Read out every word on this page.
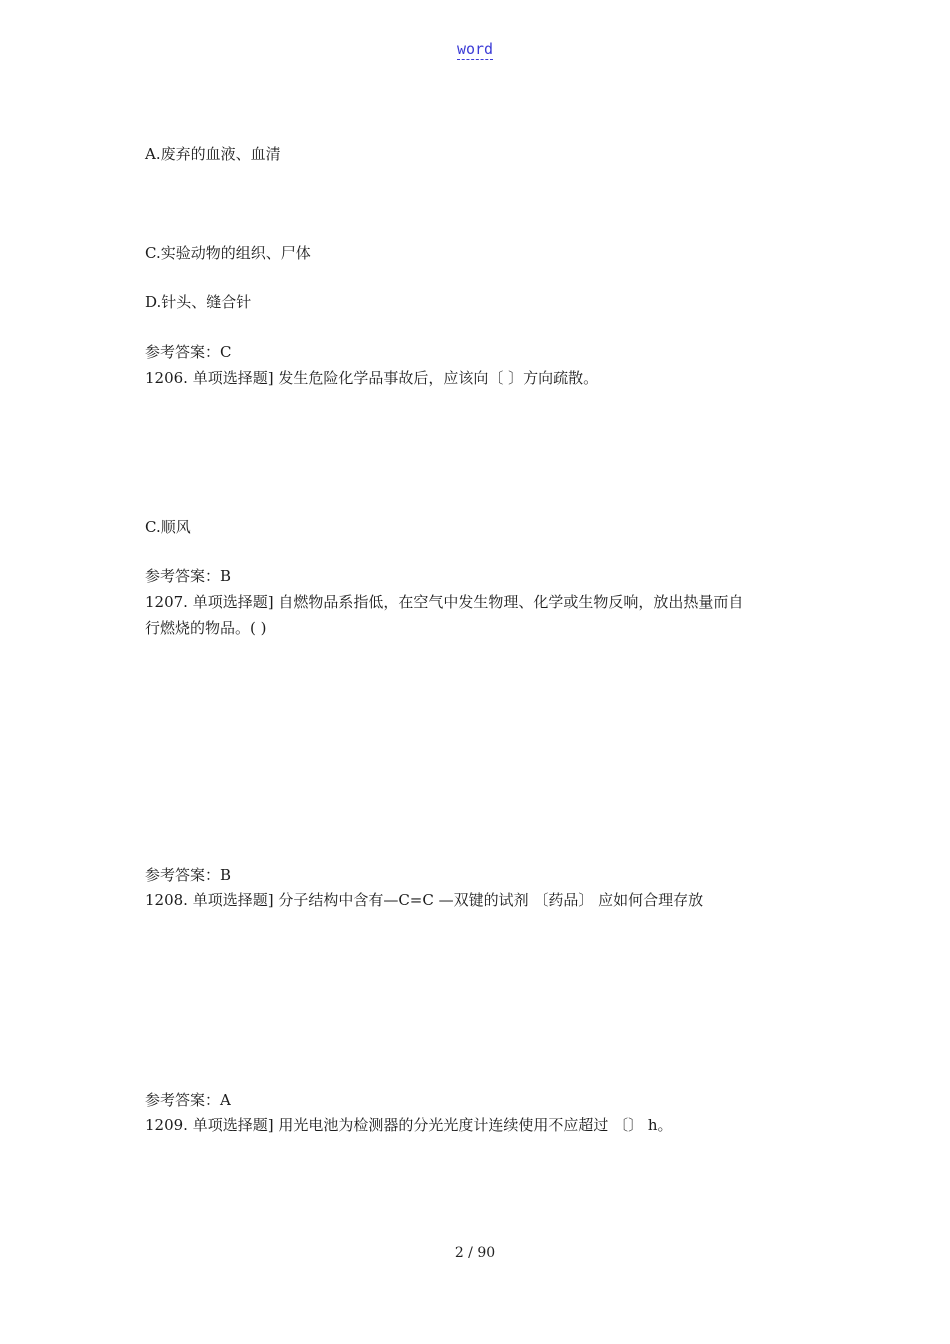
word
A.废弃的血液、血清
C.实验动物的组织、尸体
D.针头、缝合针
参考答案：C
1206. 单项选择题] 发生危险化学品事故后，应该向〔 〕方向疏散。
C.顺风
参考答案：B
1207. 单项选择题] 自燃物品系指低，在空气中发生物理、化学或生物反响，放出热量而自
行燃烧的物品。( )
参考答案：B
1208. 单项选择题] 分子结构中含有—C=C —双键的试剂 〔药品〕 应如何合理存放
参考答案：A
1209. 单项选择题] 用光电池为检测器的分光光度计连续使用不应超过 〔〕 h。
2 / 90
